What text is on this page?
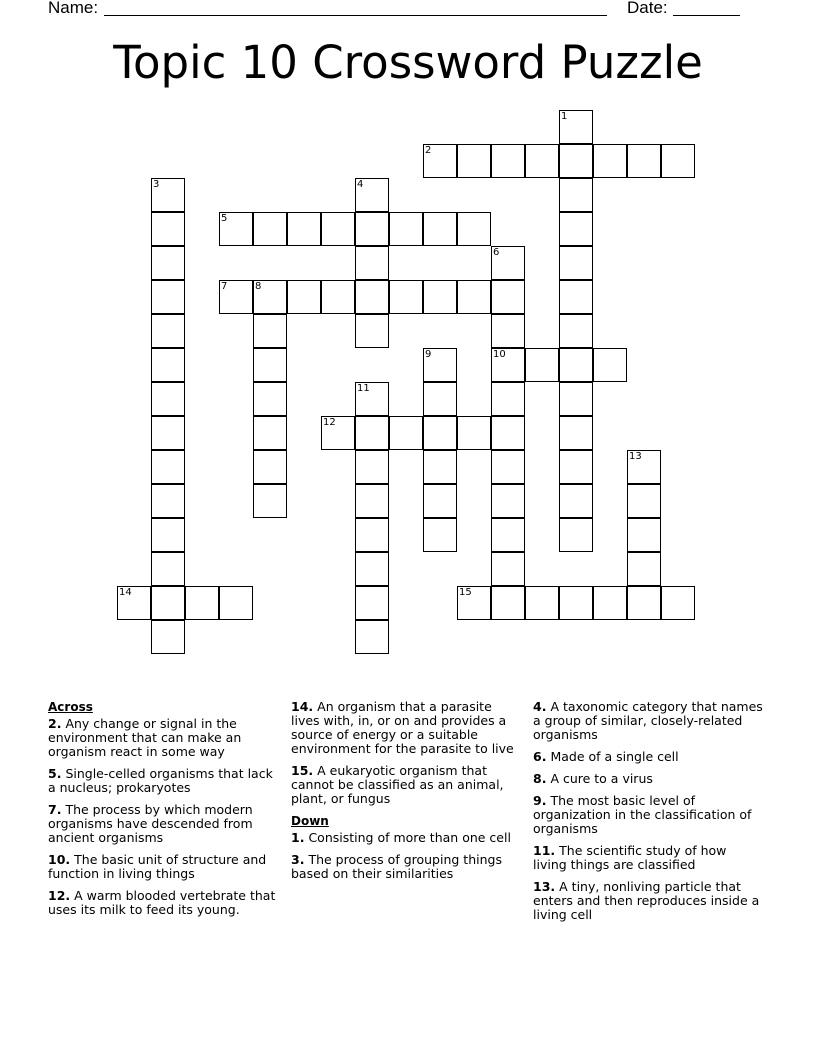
Name:	Date:
Topic 10 Crossword Puzzle
1
2
3	4
5
6
10
7	8
9
11
12
13
14	15
Across
2. Any change or signal in the environment that can make an organism react in some way
5. Single-celled organisms that lack a nucleus; prokaryotes
7. The process by which modern organisms have descended from ancient organisms
10. The basic unit of structure and function in living things
12. A warm blooded vertebrate that uses its milk to feed its young.
14. An organism that a parasite lives with, in, or on and provides a source of energy or a suitable environment for the parasite to live
15. A eukaryotic organism that cannot be classified as an animal, plant, or fungus
Down
1. Consisting of more than one cell
3. The process of grouping things based on their similarities
4. A taxonomic category that names a group of similar, closely-related organisms
6. Made of a single cell
8. A cure to a virus
9. The most basic level of organization in the classification of organisms
11. The scientific study of how living things are classified
13. A tiny, nonliving particle that enters and then reproduces inside a living cell
